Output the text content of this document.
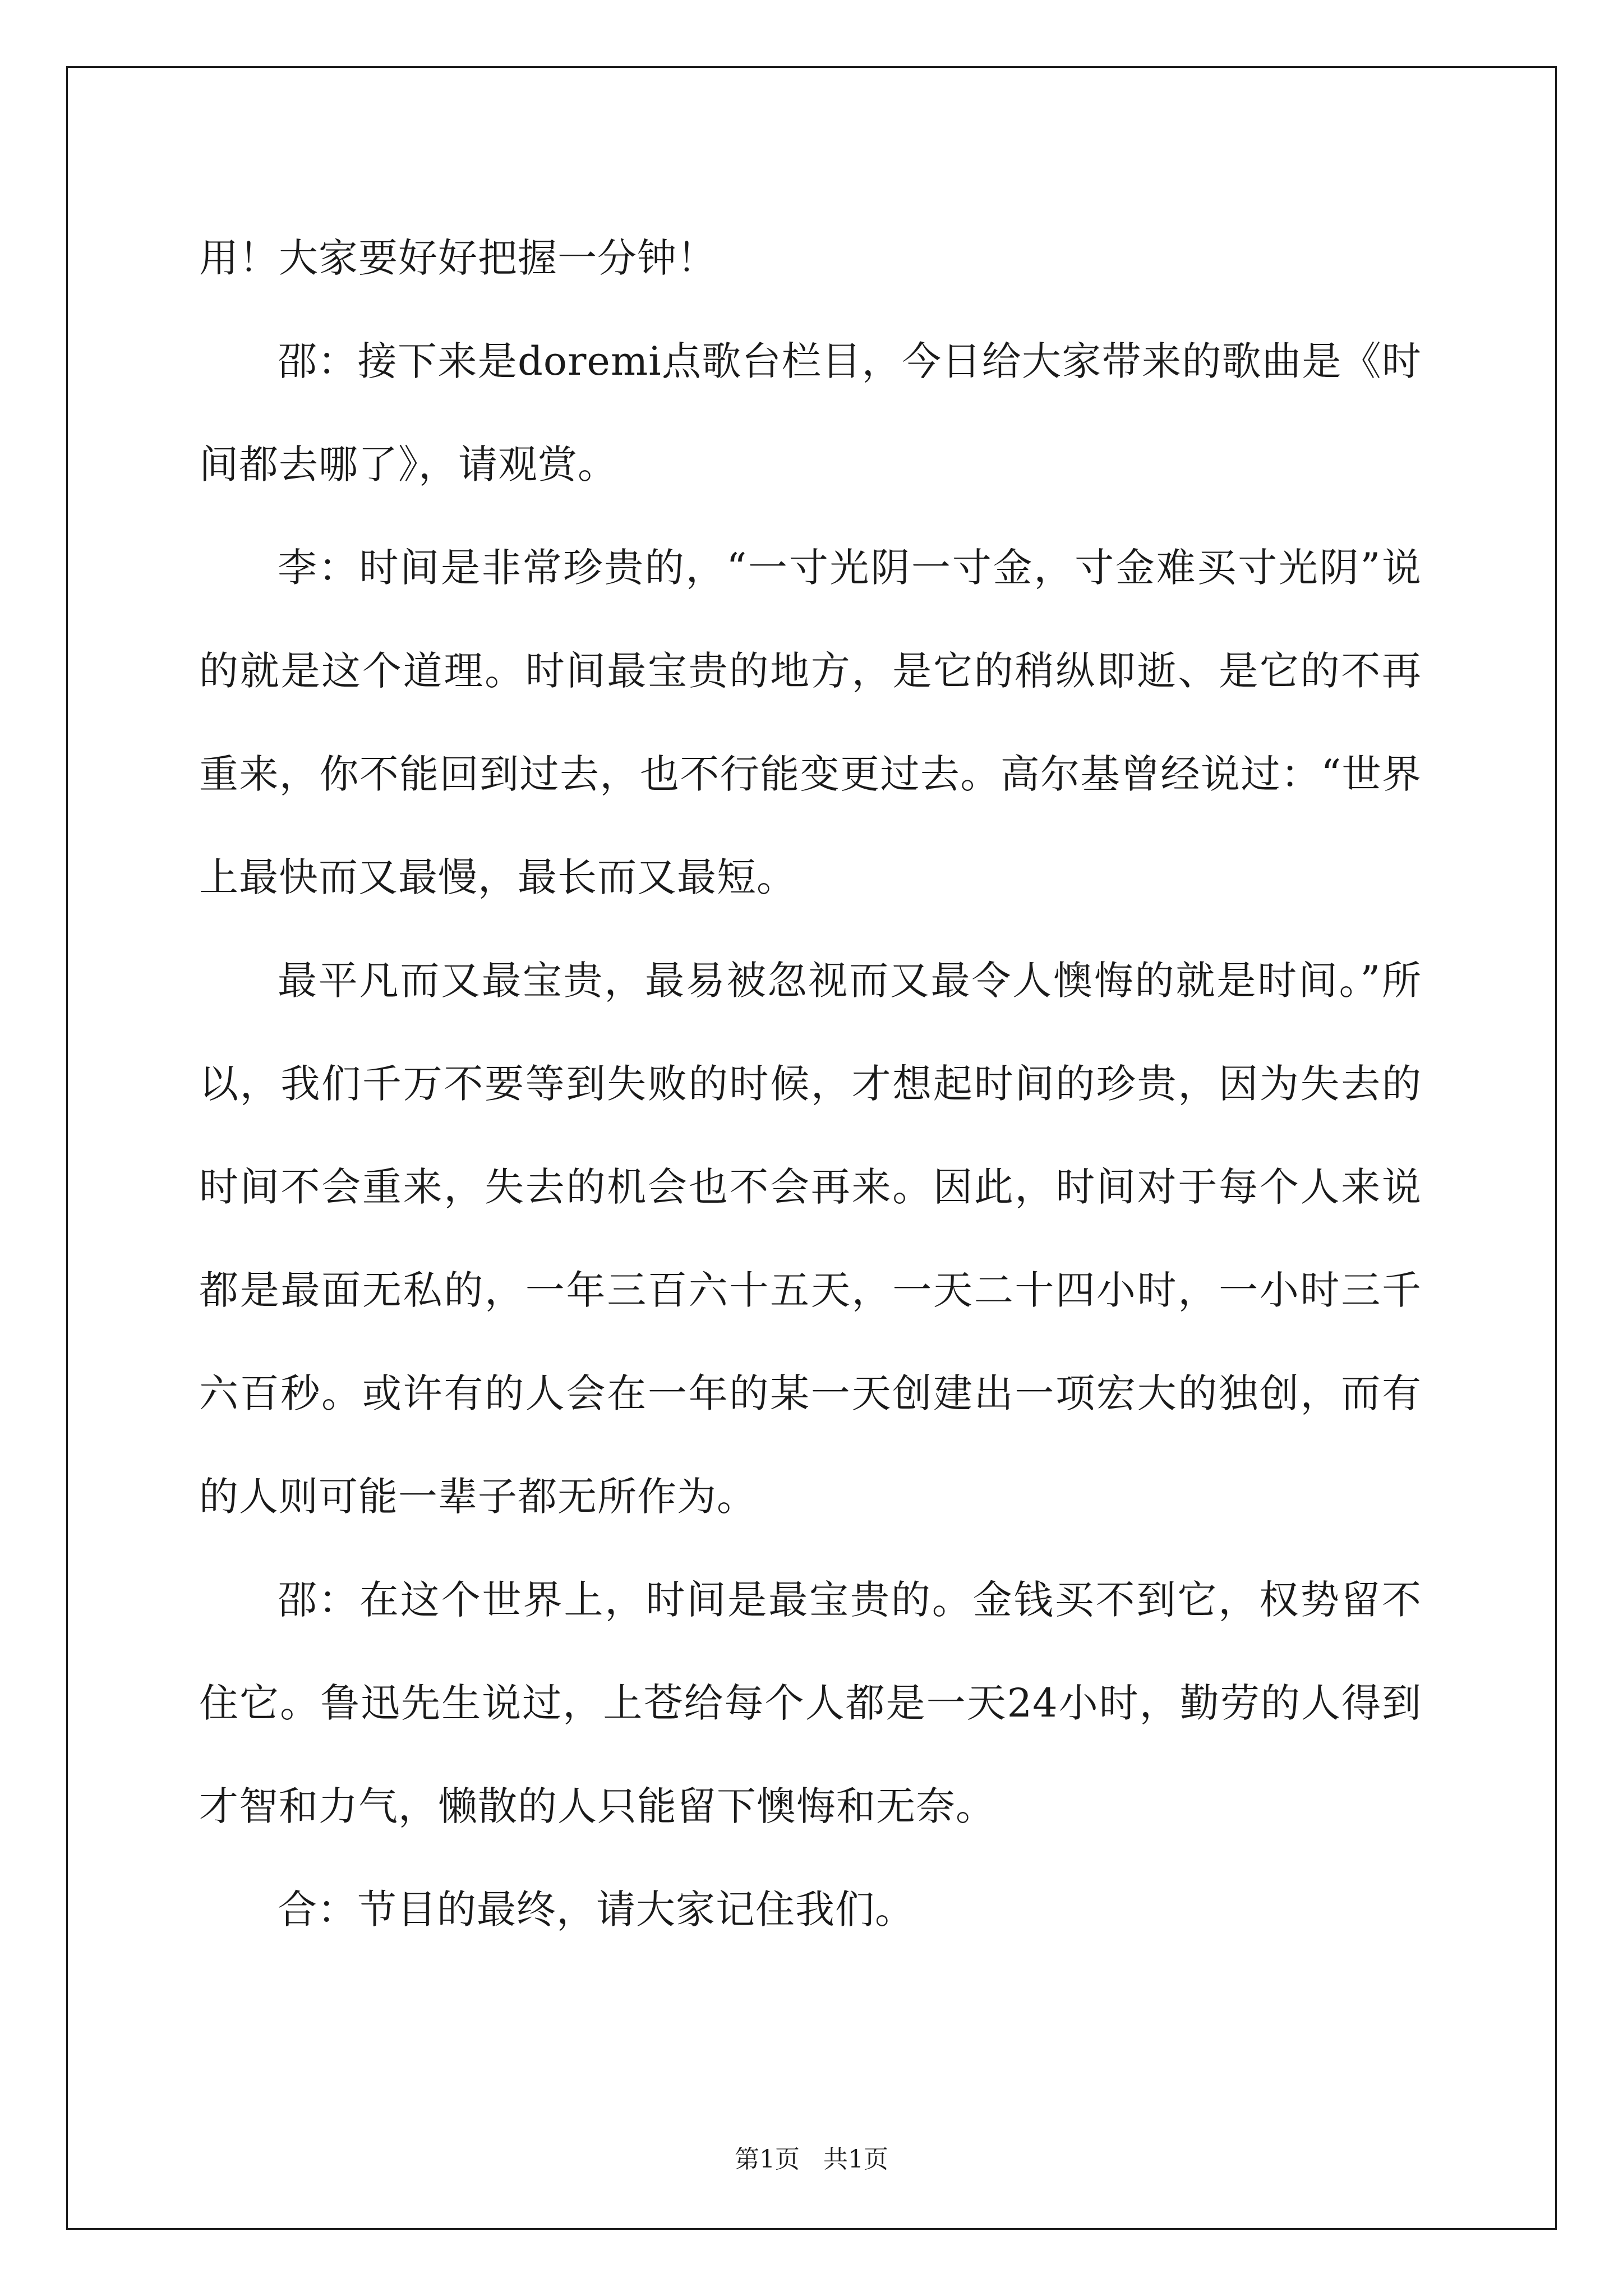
用！大家要好好把握一分钟！

邵：接下来是doremi点歌台栏目，今日给大家带来的歌曲是《时间都去哪了》，请观赏。

李：时间是非常珍贵的，“一寸光阴一寸金，寸金难买寸光阴”说的就是这个道理。时间最宝贵的地方，是它的稍纵即逝、是它的不再重来，你不能回到过去，也不行能变更过去。高尔基曾经说过：“世界上最快而又最慢，最长而又最短。

最平凡而又最宝贵，最易被忽视而又最令人懊悔的就是时间。”所以，我们千万不要等到失败的时候，才想起时间的珍贵，因为失去的时间不会重来，失去的机会也不会再来。因此，时间对于每个人来说都是最面无私的，一年三百六十五天，一天二十四小时，一小时三千六百秒。或许有的人会在一年的某一天创建出一项宏大的独创，而有的人则可能一辈子都无所作为。

邵：在这个世界上，时间是最宝贵的。金钱买不到它，权势留不住它。鲁迅先生说过，上苍给每个人都是一天24小时，勤劳的人得到才智和力气，懒散的人只能留下懊悔和无奈。

合：节目的最终，请大家记住我们。

第1页 共1页
